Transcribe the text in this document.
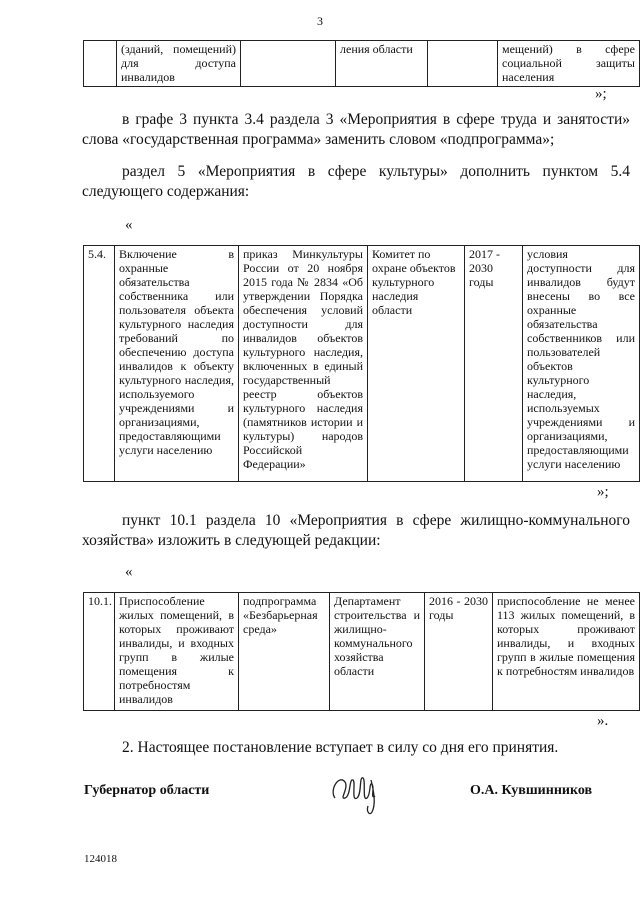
3
	(зданий, помещений) для доступа инвалидов		ления области		мещений) в сфере социальной защиты населения
»;
в графе 3 пункта 3.4 раздела 3 «Мероприятия в сфере труда и занятости» слова «государственная программа» заменить словом «подпрограмма»;
раздел 5 «Мероприятия в сфере культуры» дополнить пунктом 5.4 следующего содержания:
«
5.4.	Включение в охранные обязательства собственника или пользователя объекта культурного наследия требований по обеспечению доступа инвалидов к объекту культурного наследия, используемого учреждениями и организациями, предоставляющими услуги населению	приказ Минкультуры России от 20 ноября 2015 года № 2834 «Об утверждении Порядка обеспечения условий доступности для инвалидов объектов культурного наследия, включенных в единый государственный реестр объектов культурного наследия (памятников истории и культуры) народов Российской Федерации»	Комитет по охране объектов культурного наследия области	2017 - 2030 годы	условия доступности для инвалидов будут внесены во все охранные обязательства собственников или пользователей объектов культурного наследия, используемых учреждениями и организациями, предоставляющими услуги населению
»;
пункт 10.1 раздела 10 «Мероприятия в сфере жилищно-коммунального хозяйства» изложить в следующей редакции:
«
10.1.	Приспособление жилых помещений, в которых проживают инвалиды, и входных групп в жилые помещения к потребностям инвалидов	подпрограмма «Безбарьерная среда»	Департамент строительства и жилищно-коммунального хозяйства области	2016 - 2030 годы	приспособление не менее 113 жилых помещений, в которых проживают инвалиды, и входных групп в жилые помещения к потребностям инвалидов
».
2. Настоящее постановление вступает в силу со дня его принятия.
Губернатор области	О.А. Кувшинников
124018
